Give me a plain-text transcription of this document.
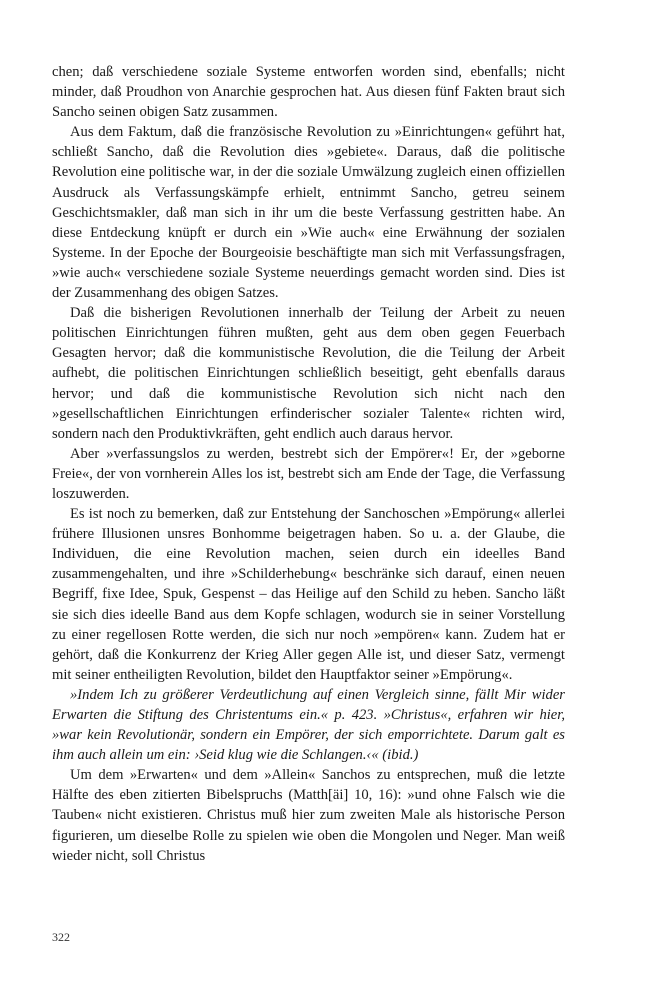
chen; daß verschiedene soziale Systeme entworfen worden sind, ebenfalls; nicht minder, daß Proudhon von Anarchie gesprochen hat. Aus diesen fünf Fakten braut sich Sancho seinen obigen Satz zusammen.

Aus dem Faktum, daß die französische Revolution zu »Einrichtungen« geführt hat, schließt Sancho, daß die Revolution dies »gebiete«. Daraus, daß die politische Revolution eine politische war, in der die soziale Umwälzung zugleich einen offiziellen Ausdruck als Verfassungskämpfe erhielt, entnimmt Sancho, getreu seinem Geschichtsmakler, daß man sich in ihr um die beste Verfassung gestritten habe. An diese Entdeckung knüpft er durch ein »Wie auch« eine Erwähnung der sozialen Systeme. In der Epoche der Bourgeoisie beschäftigte man sich mit Verfassungsfragen, »wie auch« verschiedene soziale Systeme neuerdings gemacht worden sind. Dies ist der Zusammenhang des obigen Satzes.

Daß die bisherigen Revolutionen innerhalb der Teilung der Arbeit zu neuen politischen Einrichtungen führen mußten, geht aus dem oben gegen Feuerbach Gesagten hervor; daß die kommunistische Revolution, die die Teilung der Arbeit aufhebt, die politischen Einrichtungen schließlich beseitigt, geht ebenfalls daraus hervor; und daß die kommunistische Revolution sich nicht nach den »gesellschaftlichen Einrichtungen erfinderischer sozialer Talente« richten wird, sondern nach den Produktivkräften, geht endlich auch daraus hervor.

Aber »verfassungslos zu werden, bestrebt sich der Empörer«! Er, der »geborne Freie«, der von vornherein Alles los ist, bestrebt sich am Ende der Tage, die Verfassung loszuwerden.

Es ist noch zu bemerken, daß zur Entstehung der Sanchoschen »Empörung« allerlei frühere Illusionen unsres Bonhomme beigetragen haben. So u. a. der Glaube, die Individuen, die eine Revolution machen, seien durch ein ideelles Band zusammengehalten, und ihre »Schilderhebung« beschränke sich darauf, einen neuen Begriff, fixe Idee, Spuk, Gespenst – das Heilige auf den Schild zu heben. Sancho läßt sie sich dies ideelle Band aus dem Kopfe schlagen, wodurch sie in seiner Vorstellung zu einer regellosen Rotte werden, die sich nur noch »empören« kann. Zudem hat er gehört, daß die Konkurrenz der Krieg Aller gegen Alle ist, und dieser Satz, vermengt mit seiner entheiligten Revolution, bildet den Hauptfaktor seiner »Empörung«.

»Indem Ich zu größerer Verdeutlichung auf einen Vergleich sinne, fällt Mir wider Erwarten die Stiftung des Christentums ein.« p. 423. »Christus«, erfahren wir hier, »war kein Revolutionär, sondern ein Empörer, der sich emporrichtete. Darum galt es ihm auch allein um ein: ›Seid klug wie die Schlangen.‹« (ibid.)

Um dem »Erwarten« und dem »Allein« Sanchos zu entsprechen, muß die letzte Hälfte des eben zitierten Bibelspruchs (Matth[äi] 10, 16): »und ohne Falsch wie die Tauben« nicht existieren. Christus muß hier zum zweiten Male als historische Person figurieren, um dieselbe Rolle zu spielen wie oben die Mongolen und Neger. Man weiß wieder nicht, soll Christus

322
